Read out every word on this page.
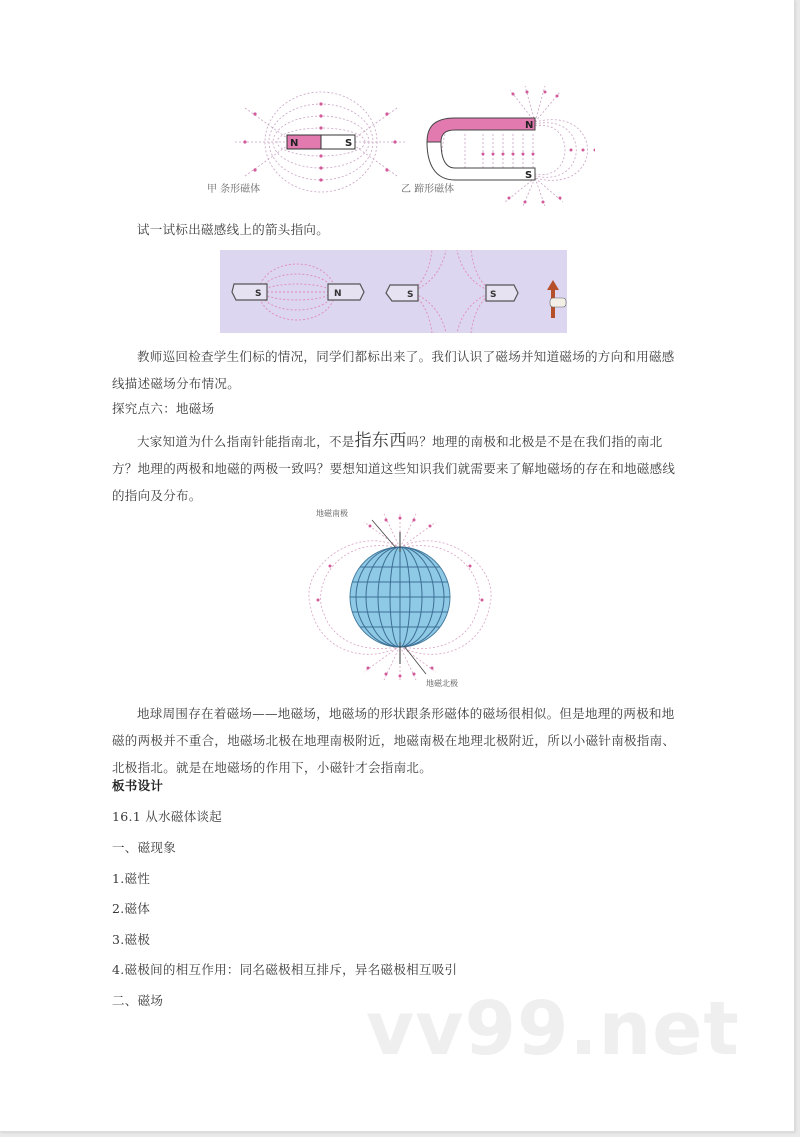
N	S
甲 条形磁体
N
S
乙 蹄形磁体
试一试标出磁感线上的箭头指向。
S	N	S	S
教师巡回检查学生们标的情况，同学们都标出来了。我们认识了磁场并知道磁场的方向和用磁感线描述磁场分布情况。
探究点六：地磁场
大家知道为什么指南针能指南北，不是指东西吗？地理的南极和北极是不是在我们指的南北方？地理的两极和地磁的两极一致吗？要想知道这些知识我们就需要来了解地磁场的存在和地磁感线的指向及分布。
地磁南极
地磁北极
地球周围存在着磁场——地磁场，地磁场的形状跟条形磁体的磁场很相似。但是地理的两极和地磁的两极并不重合，地磁场北极在地理南极附近，地磁南极在地理北极附近，所以小磁针南极指南、北极指北。就是在地磁场的作用下，小磁针才会指南北。
板书设计
16.1 从水磁体谈起
一、磁现象
1.磁性
2.磁体
3.磁极
4.磁极间的相互作用：同名磁极相互排斥，异名磁极相互吸引
二、磁场	vv99.net
